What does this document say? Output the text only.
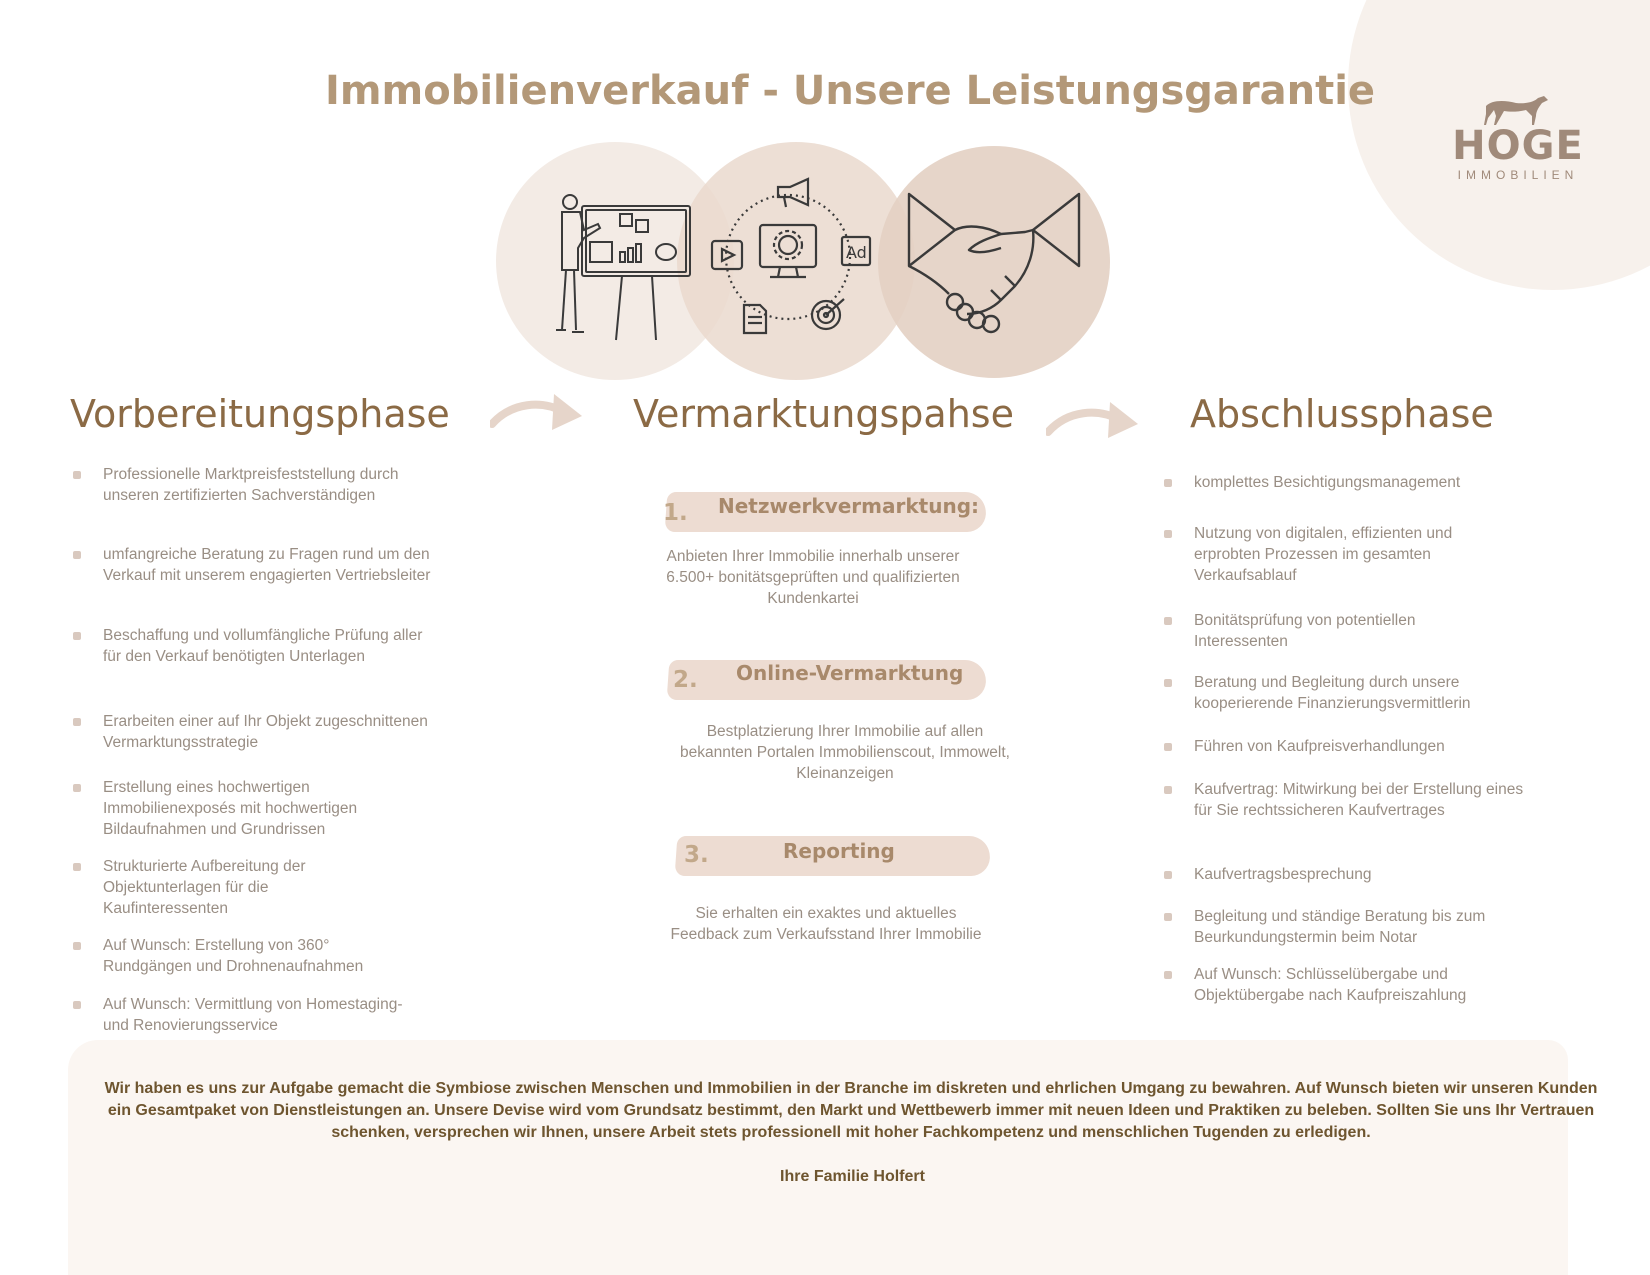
HOGE
IMMOBILIEN
Immobilienverkauf - Unsere Leistungsgarantie
Ad
Vorbereitungsphase	Vermarktungspahse	Abschlussphase
Professionelle Marktpreisfeststellung durch unseren zertifizierten Sachverständigen
umfangreiche Beratung zu Fragen rund um den Verkauf mit unserem engagierten Vertriebsleiter
Beschaffung und vollumfängliche Prüfung aller für den Verkauf benötigten Unterlagen
Erarbeiten einer auf Ihr Objekt zugeschnittenen Vermarktungsstrategie
Erstellung eines hochwertigen Immobilienexposés mit hochwertigen Bildaufnahmen und Grundrissen
Strukturierte Aufbereitung der Objektunterlagen für die Kaufinteressenten
Auf Wunsch: Erstellung von 360° Rundgängen und Drohnenaufnahmen
Auf Wunsch: Vermittlung von Homestaging- und Renovierungsservice
1. Netzwerkvermarktung:
Anbieten Ihrer Immobilie innerhalb unserer 6.500+ bonitätsgeprüften und qualifizierten Kundenkartei
2. Online-Vermarktung
Bestplatzierung Ihrer Immobilie auf allen bekannten Portalen Immobilienscout, Immowelt, Kleinanzeigen
3.	Reporting
Sie erhalten ein exaktes und aktuelles Feedback zum Verkaufsstand Ihrer Immobilie
komplettes Besichtigungsmanagement
Nutzung von digitalen, effizienten und erprobten Prozessen im gesamten Verkaufsablauf
Bonitätsprüfung von potentiellen Interessenten
Beratung und Begleitung durch unsere kooperierende Finanzierungsvermittlerin
Führen von Kaufpreisverhandlungen
Kaufvertrag: Mitwirkung bei der Erstellung eines für Sie rechtssicheren Kaufvertrages
Kaufvertragsbesprechung
Begleitung und ständige Beratung bis zum Beurkundungstermin beim Notar
Auf Wunsch: Schlüsselübergabe und Objektübergabe nach Kaufpreiszahlung
Wir haben es uns zur Aufgabe gemacht die Symbiose zwischen Menschen und Immobilien in der Branche im diskreten und ehrlichen Umgang zu bewahren. Auf Wunsch bieten wir unseren Kunden ein Gesamtpaket von Dienstleistungen an. Unsere Devise wird vom Grundsatz bestimmt, den Markt und Wettbewerb immer mit neuen Ideen und Praktiken zu beleben. Sollten Sie uns Ihr Vertrauen schenken, versprechen wir Ihnen, unsere Arbeit stets professionell mit hoher Fachkompetenz und menschlichen Tugenden zu erledigen.
Ihre Familie Holfert
